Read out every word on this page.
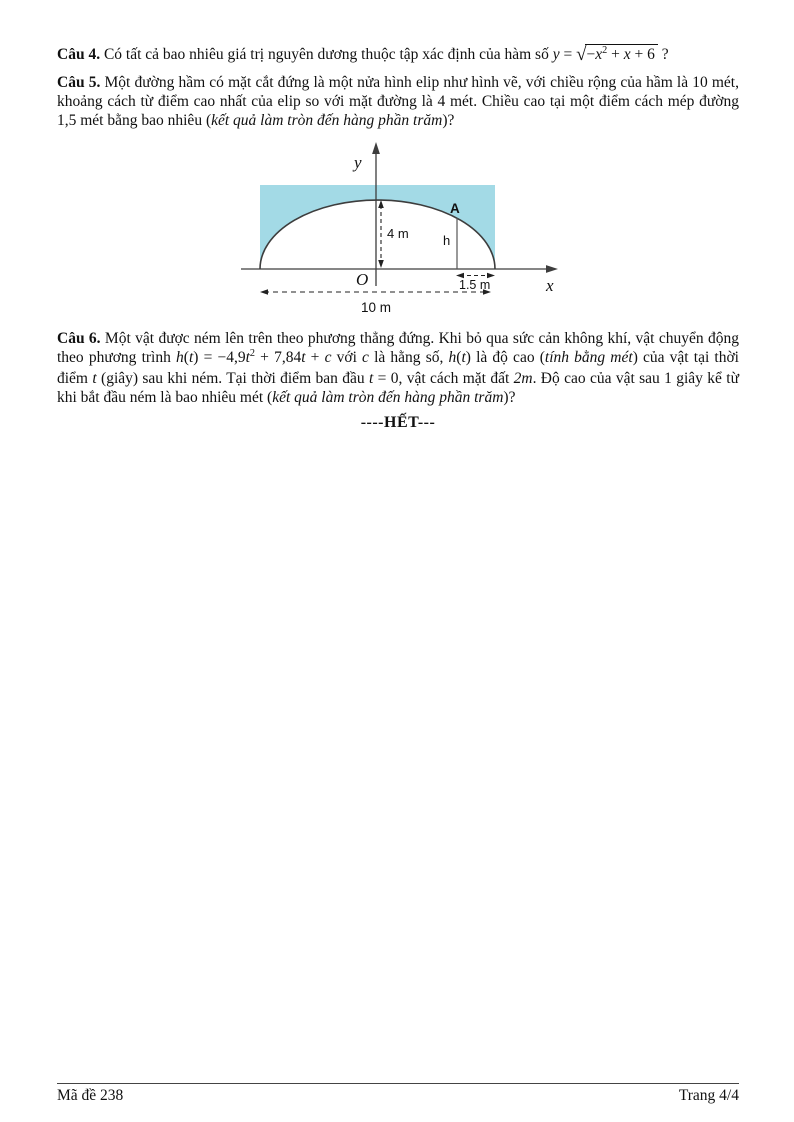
Câu 4. Có tất cả bao nhiêu giá trị nguyên dương thuộc tập xác định của hàm số $y = √-x^2 + x + 6$ ?

Câu 5. Một đường hầm có mặt cắt đứng là một nửa hình elip như hình vẽ, với chiều rộng của hầm là 10 mét, khoảng cách từ điểm cao nhất của elip so với mặt đường là 4 mét. Chiều cao tại một điểm cách mép đường 1,5 mét bằng bao nhiêu (kết quả làm tròn đến hàng phần trăm)?

y
x
O
4 m
A
h
1.5 m
10 m

Câu 6. Một vật được ném lên trên theo phương thẳng đứng. Khi bỏ qua sức cản không khí, vật chuyển động theo phương trình $h(t) = -4,9t^2 + 7,84t + c$ với c là hằng số, h(t) là độ cao (tính bằng mét) của vật tại thời điểm t (giây) sau khi ném. Tại thời điểm ban đầu t = 0, vật cách mặt đất 2m. Độ cao của vật sau 1 giây kể từ khi bắt đầu ném là bao nhiêu mét (kết quả làm tròn đến hàng phần trăm)?

----HẾT---

Mã đề 238	Trang 4/4
